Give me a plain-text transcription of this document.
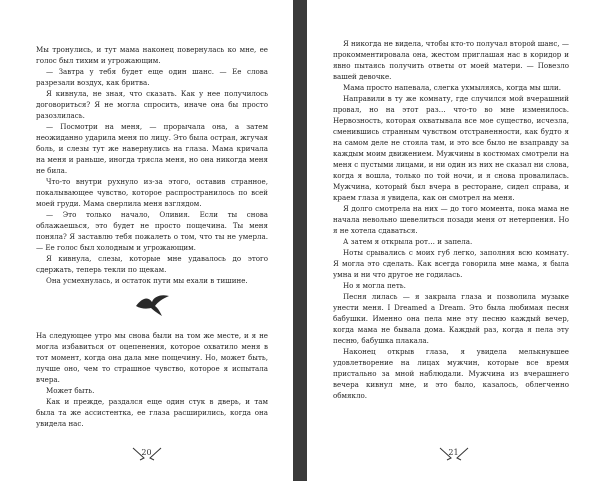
Мы тронулись, и тут мама наконец повернулась ко мне, ее голос был тихим и угрожающим.

— Завтра у тебя будет еще один шанс. — Ее слова разрезали воздух, как бритва.

Я кивнула, не зная, что сказать. Как у нее получилось договориться? Я не могла спросить, иначе она бы просто разозлилась.

— Посмотри на меня, — прорычала она, а затем неожиданно ударила меня по лицу. Это была острая, жгучая боль, и слезы тут же навернулись на глаза. Мама кричала на меня и раньше, иногда трясла меня, но она никогда меня не била.

Что-то внутри рухнуло из-за этого, оставив странное, покалывающее чувство, которое распространилось по всей моей груди. Мама сверлила меня взглядом.

— Это только начало, Оливия. Если ты снова облажаешься, это будет не просто пощечина. Ты меня поняла? Я заставлю тебя пожалеть о том, что ты не умерла. — Ее голос был холодным и угрожающим.

Я кивнула, слезы, которые мне удавалось до этого сдержать, теперь текли по щекам.

Она усмехнулась, и остаток пути мы ехали в тишине.

На следующее утро мы снова были на том же месте, и я не могла избавиться от оцепенения, которое охватило меня в тот момент, когда она дала мне пощечину. Но, может быть, лучше оно, чем то страшное чувство, которое я испытала вчера.

Может быть.

Как и прежде, раздался еще один стук в дверь, и там была та же ассистентка, ее глаза расширились, когда она увидела нас.

20

Я никогда не видела, чтобы кто-то получал второй шанс, — прокомментировала она, жестом приглашая нас в коридор и явно пытаясь получить ответы от моей матери. — Повезло вашей девочке.

Мама просто напевала, слегка ухмыляясь, когда мы шли.

Направили в ту же комнату, где случился мой вчерашний провал, но на этот раз… что-то во мне изменилось. Нервозность, которая охватывала все мое существо, исчезла, сменившись странным чувством отстраненности, как будто я на самом деле не стояла там, и это все было не взаправду за каждым моим движением. Мужчины в костюмах смотрели на меня с пустыми лицами, и ни один из них не сказал ни слова, когда я вошла, только по той ночи, и я снова провалилась. Мужчина, который был вчера в ресторане, сидел справа, и краем глаза я увидела, как он смотрел на меня.

Я долго смотрела на них — до того момента, пока мама не начала невольно шевелиться позади меня от нетерпения. Но я не хотела сдаваться.

А затем я открыла рот… и запела.

Ноты срывались с моих губ легко, заполняя всю комнату. Я могла это сделать. Как всегда говорила мне мама, я была умна и ни что другое не годилась.

Но я могла петь.

Песня лилась — я закрыла глаза и позволила музыке унести меня. I Dreamed a Dream. Это была любимая песня бабушки. Именно она пела мне эту песню каждый вечер, когда мама не бывала дома. Каждый раз, когда я пела эту песню, бабушка плакала.

Наконец открыв глаза, я увидела мелькнувшее удовлетворение на лицах мужчин, которые все время пристально за мной наблюдали. Мужчина из вчерашнего вечера кивнул мне, и это было, казалось, облегченно обмякло.

21
